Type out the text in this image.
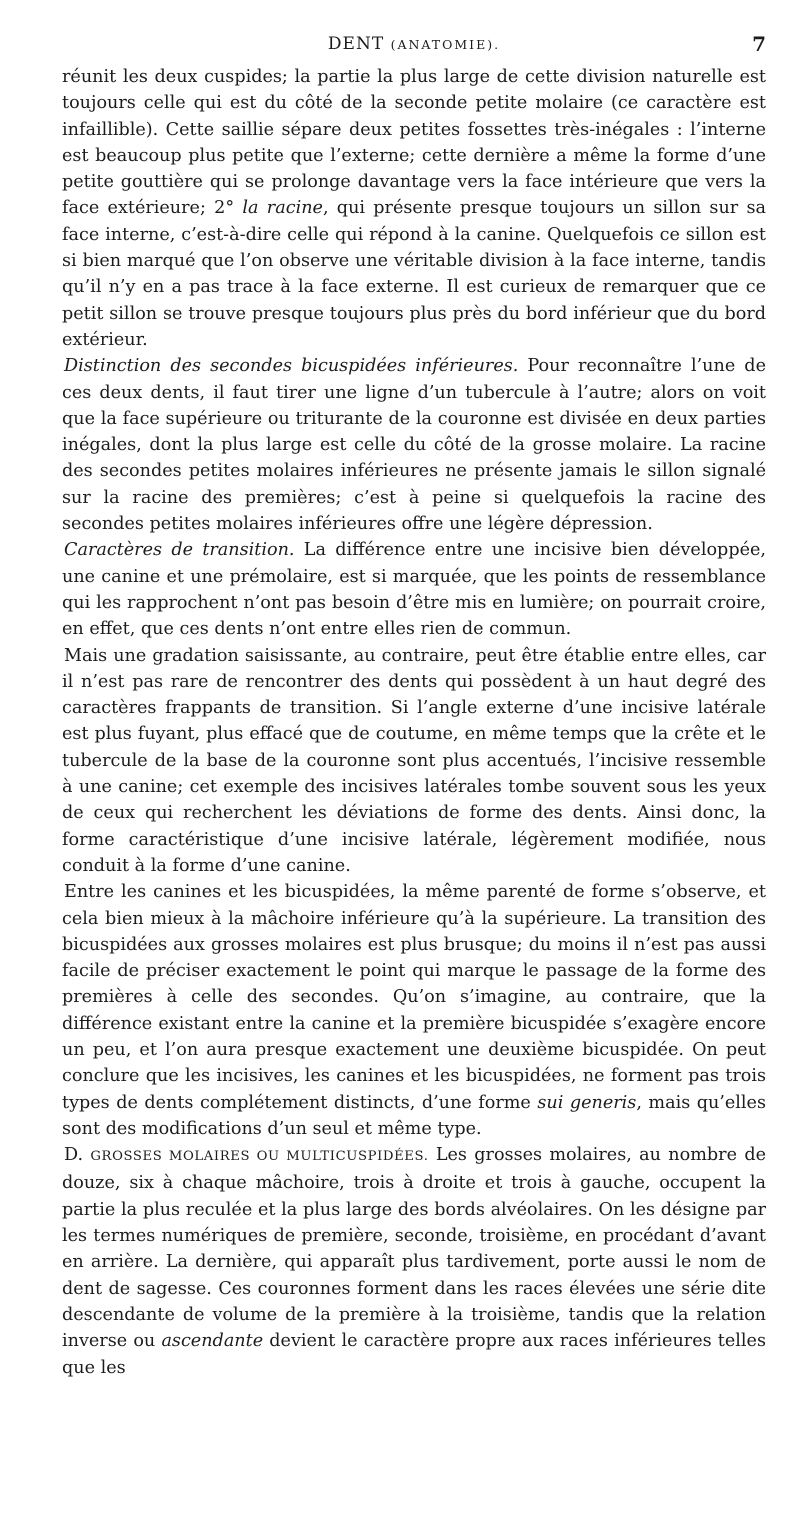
DENT (ANATOMIE).	7

réunit les deux cuspides; la partie la plus large de cette division naturelle est toujours celle qui est du côté de la seconde petite molaire (ce caractère est infaillible). Cette saillie sépare deux petites fossettes très-inégales : l’interne est beaucoup plus petite que l’externe; cette dernière a même la forme d’une petite gouttière qui se prolonge davantage vers la face intérieure que vers la face extérieure; 2° la racine, qui présente presque toujours un sillon sur sa face interne, c’est-à-dire celle qui répond à la canine. Quelquefois ce sillon est si bien marqué que l’on observe une véritable division à la face interne, tandis qu’il n’y en a pas trace à la face externe. Il est curieux de remarquer que ce petit sillon se trouve presque toujours plus près du bord inférieur que du bord extérieur.

Distinction des secondes bicuspidées inférieures. Pour reconnaître l’une de ces deux dents, il faut tirer une ligne d’un tubercule à l’autre; alors on voit que la face supérieure ou triturante de la couronne est divisée en deux parties inégales, dont la plus large est celle du côté de la grosse molaire. La racine des secondes petites molaires inférieures ne présente jamais le sillon signalé sur la racine des premières; c’est à peine si quelquefois la racine des secondes petites molaires inférieures offre une légère dépression.

Caractères de transition. La différence entre une incisive bien développée, une canine et une prémolaire, est si marquée, que les points de ressemblance qui les rapprochent n’ont pas besoin d’être mis en lumière; on pourrait croire, en effet, que ces dents n’ont entre elles rien de commun.

Mais une gradation saisissante, au contraire, peut être établie entre elles, car il n’est pas rare de rencontrer des dents qui possèdent à un haut degré des caractères frappants de transition. Si l’angle externe d’une incisive latérale est plus fuyant, plus effacé que de coutume, en même temps que la crête et le tubercule de la base de la couronne sont plus accentués, l’incisive ressemble à une canine; cet exemple des incisives latérales tombe souvent sous les yeux de ceux qui recherchent les déviations de forme des dents. Ainsi donc, la forme caractéristique d’une incisive latérale, légèrement modifiée, nous conduit à la forme d’une canine.

Entre les canines et les bicuspidées, la même parenté de forme s’observe, et cela bien mieux à la mâchoire inférieure qu’à la supérieure. La transition des bicuspidées aux grosses molaires est plus brusque; du moins il n’est pas aussi facile de préciser exactement le point qui marque le passage de la forme des premières à celle des secondes. Qu’on s’imagine, au contraire, que la différence existant entre la canine et la première bicuspidée s’exagère encore un peu, et l’on aura presque exactement une deuxième bicuspidée. On peut conclure que les incisives, les canines et les bicuspidées, ne forment pas trois types de dents complétement distincts, d’une forme sui generis, mais qu’elles sont des modifications d’un seul et même type.

D. GROSSES MOLAIRES OU MULTICUSPIDÉES. Les grosses molaires, au nombre de douze, six à chaque mâchoire, trois à droite et trois à gauche, occupent la partie la plus reculée et la plus large des bords alvéolaires. On les désigne par les termes numériques de première, seconde, troisième, en procédant d’avant en arrière. La dernière, qui apparaît plus tardivement, porte aussi le nom de dent de sagesse. Ces couronnes forment dans les races élevées une série dite descendante de volume de la première à la troisième, tandis que la relation inverse ou ascendante devient le caractère propre aux races inférieures telles que les
